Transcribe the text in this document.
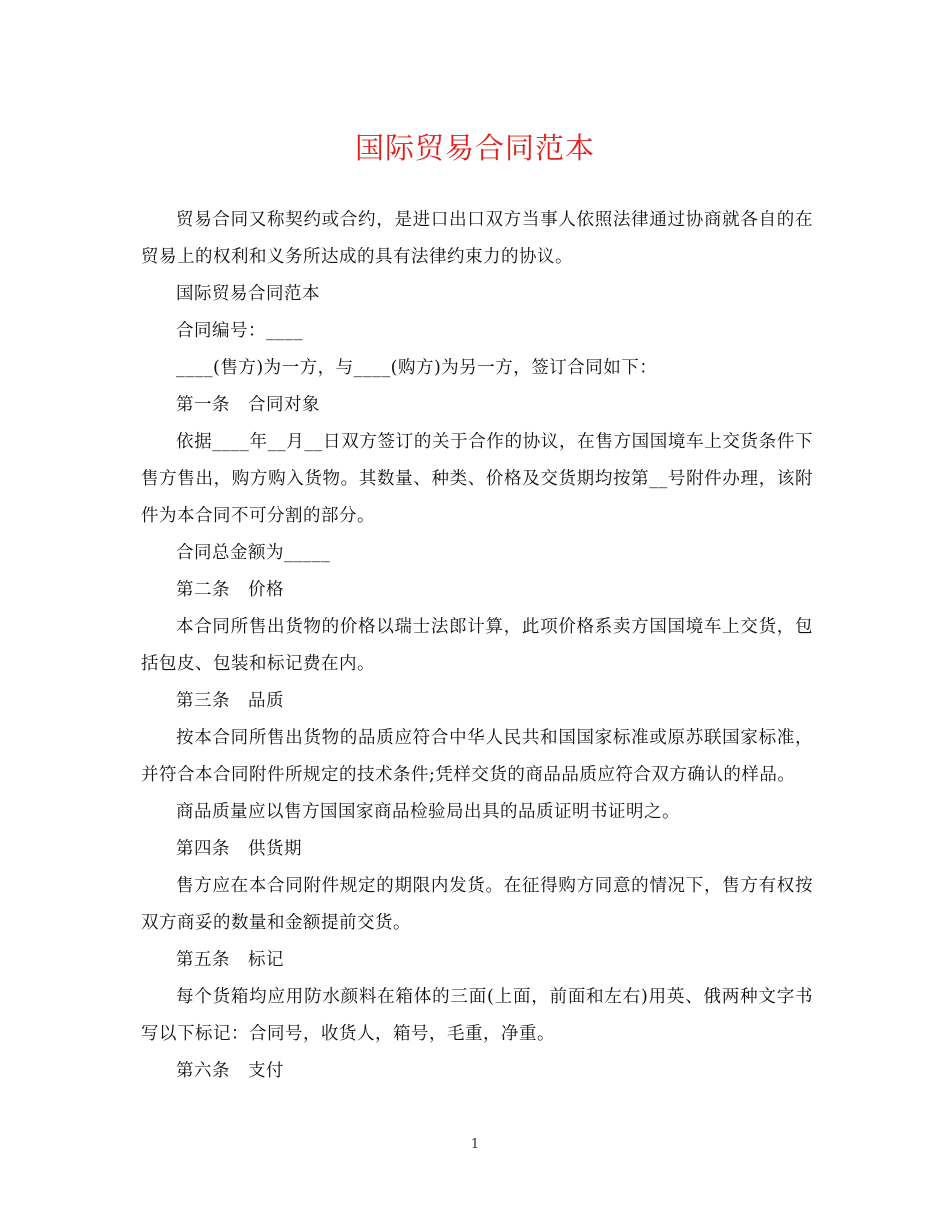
国际贸易合同范本

贸易合同又称契约或合约，是进口出口双方当事人依照法律通过协商就各自的在贸易上的权利和义务所达成的具有法律约束力的协议。

国际贸易合同范本

合同编号：____

____(售方)为一方，与____(购方)为另一方，签订合同如下：

第一条　合同对象

依据____年__月__日双方签订的关于合作的协议，在售方国国境车上交货条件下售方售出，购方购入货物。其数量、种类、价格及交货期均按第__号附件办理，该附件为本合同不可分割的部分。

合同总金额为_____

第二条　价格

本合同所售出货物的价格以瑞士法郎计算，此项价格系卖方国国境车上交货，包括包皮、包装和标记费在内。

第三条　品质

按本合同所售出货物的品质应符合中华人民共和国国家标准或原苏联国家标准，并符合本合同附件所规定的技术条件;凭样交货的商品品质应符合双方确认的样品。

商品质量应以售方国国家商品检验局出具的品质证明书证明之。

第四条　供货期

售方应在本合同附件规定的期限内发货。在征得购方同意的情况下，售方有权按双方商妥的数量和金额提前交货。

第五条　标记

每个货箱均应用防水颜料在箱体的三面(上面，前面和左右)用英、俄两种文字书写以下标记：合同号，收货人，箱号，毛重，净重。

第六条　支付

1
